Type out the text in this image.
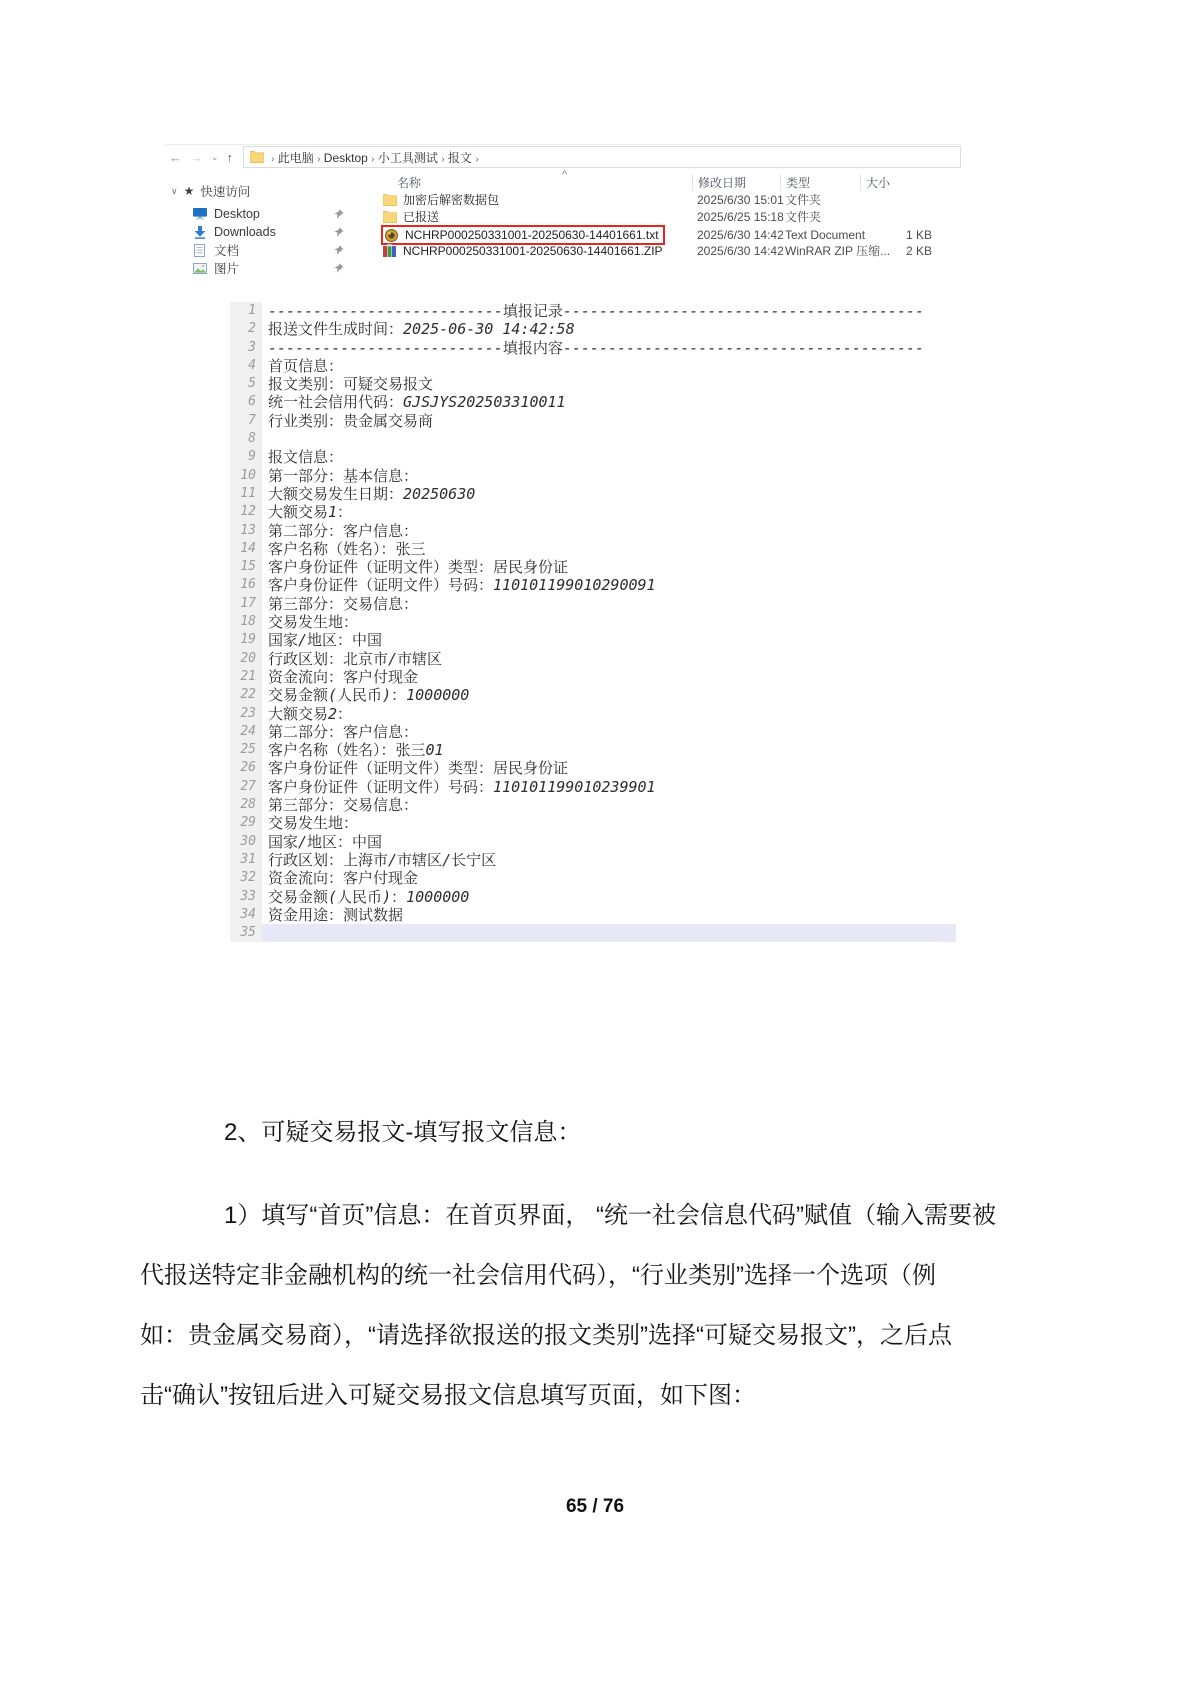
← → ⌄ ↑	› 此电脑 › Desktop › 小工具测试 › 报文 ›
∨ ★ 快速访问
Desktop
Downloads
文档
图片
名称
^
修改日期	类型	大小
加密后解密数据包	2025/6/30 15:01 文件夹
已报送	2025/6/25 15:18 文件夹
NCHRP000250331001-20250630-14401661.txt	2025/6/30 14:42 Text Document	1 KB
NCHRP000250331001-20250630-14401661.ZIP	2025/6/30 14:42 WinRAR ZIP 压缩...	2 KB
1 --------------------------填报记录----------------------------------------
2 报送文件生成时间：2025-06-30 14:42:58
3 --------------------------填报内容----------------------------------------
4 首页信息：
5 报文类别：可疑交易报文
6 统一社会信用代码：GJSJYS202503310011
7 行业类别：贵金属交易商
8
9 报文信息：
10 第一部分：基本信息：
11 大额交易发生日期：20250630
12 大额交易1：
13 第二部分：客户信息：
14 客户名称（姓名）：张三
15 客户身份证件（证明文件）类型：居民身份证
16 客户身份证件（证明文件）号码：110101199010290091
17 第三部分：交易信息：
18 交易发生地：
19 国家/地区：中国
20 行政区划：北京市/市辖区
21 资金流向：客户付现金
22 交易金额(人民币)：1000000
23 大额交易2：
24 第二部分：客户信息：
25 客户名称（姓名）：张三01
26 客户身份证件（证明文件）类型：居民身份证
27 客户身份证件（证明文件）号码：110101199010239901
28 第三部分：交易信息：
29 交易发生地：
30 国家/地区：中国
31 行政区划：上海市/市辖区/长宁区
32 资金流向：客户付现金
33 交易金额(人民币)：1000000
34 资金用途：测试数据
35
2、可疑交易报文-填写报文信息：
1）填写“首页”信息：在首页界面， “统一社会信息代码”赋值（输入需要被
代报送特定非金融机构的统一社会信用代码），“行业类别”选择一个选项（例
如：贵金属交易商），“请选择欲报送的报文类别”选择“可疑交易报文”，之后点
击“确认”按钮后进入可疑交易报文信息填写页面，如下图：
65 / 76
